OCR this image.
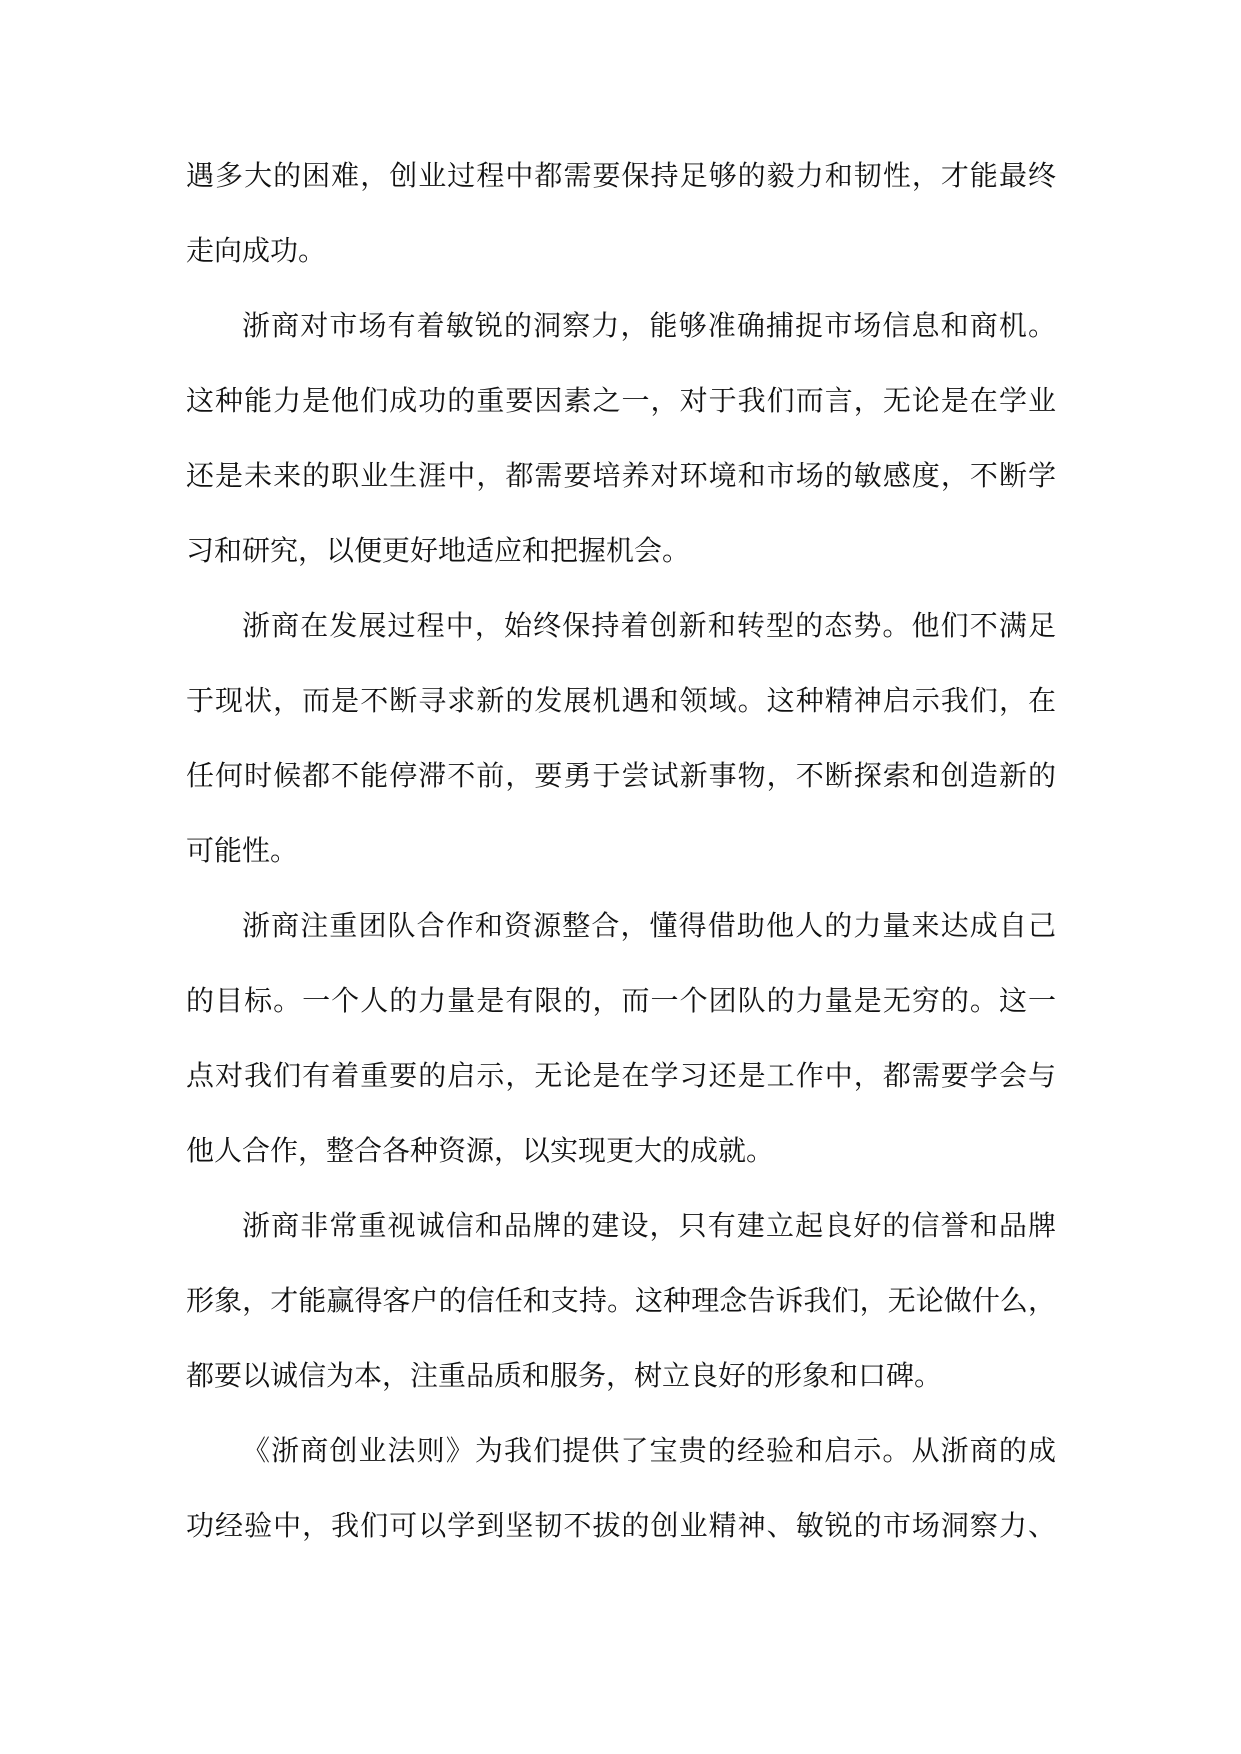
遇多大的困难，创业过程中都需要保持足够的毅力和韧性，才能最终
走向成功。
浙商对市场有着敏锐的洞察力，能够准确捕捉市场信息和商机。
这种能力是他们成功的重要因素之一，对于我们而言，无论是在学业
还是未来的职业生涯中，都需要培养对环境和市场的敏感度，不断学
习和研究，以便更好地适应和把握机会。
浙商在发展过程中，始终保持着创新和转型的态势。他们不满足
于现状，而是不断寻求新的发展机遇和领域。这种精神启示我们，在
任何时候都不能停滞不前，要勇于尝试新事物，不断探索和创造新的
可能性。
浙商注重团队合作和资源整合，懂得借助他人的力量来达成自己
的目标。一个人的力量是有限的，而一个团队的力量是无穷的。这一
点对我们有着重要的启示，无论是在学习还是工作中，都需要学会与
他人合作，整合各种资源，以实现更大的成就。
浙商非常重视诚信和品牌的建设，只有建立起良好的信誉和品牌
形象，才能赢得客户的信任和支持。这种理念告诉我们，无论做什么，
都要以诚信为本，注重品质和服务，树立良好的形象和口碑。
《浙商创业法则》为我们提供了宝贵的经验和启示。从浙商的成
功经验中，我们可以学到坚韧不拔的创业精神、敏锐的市场洞察力、
